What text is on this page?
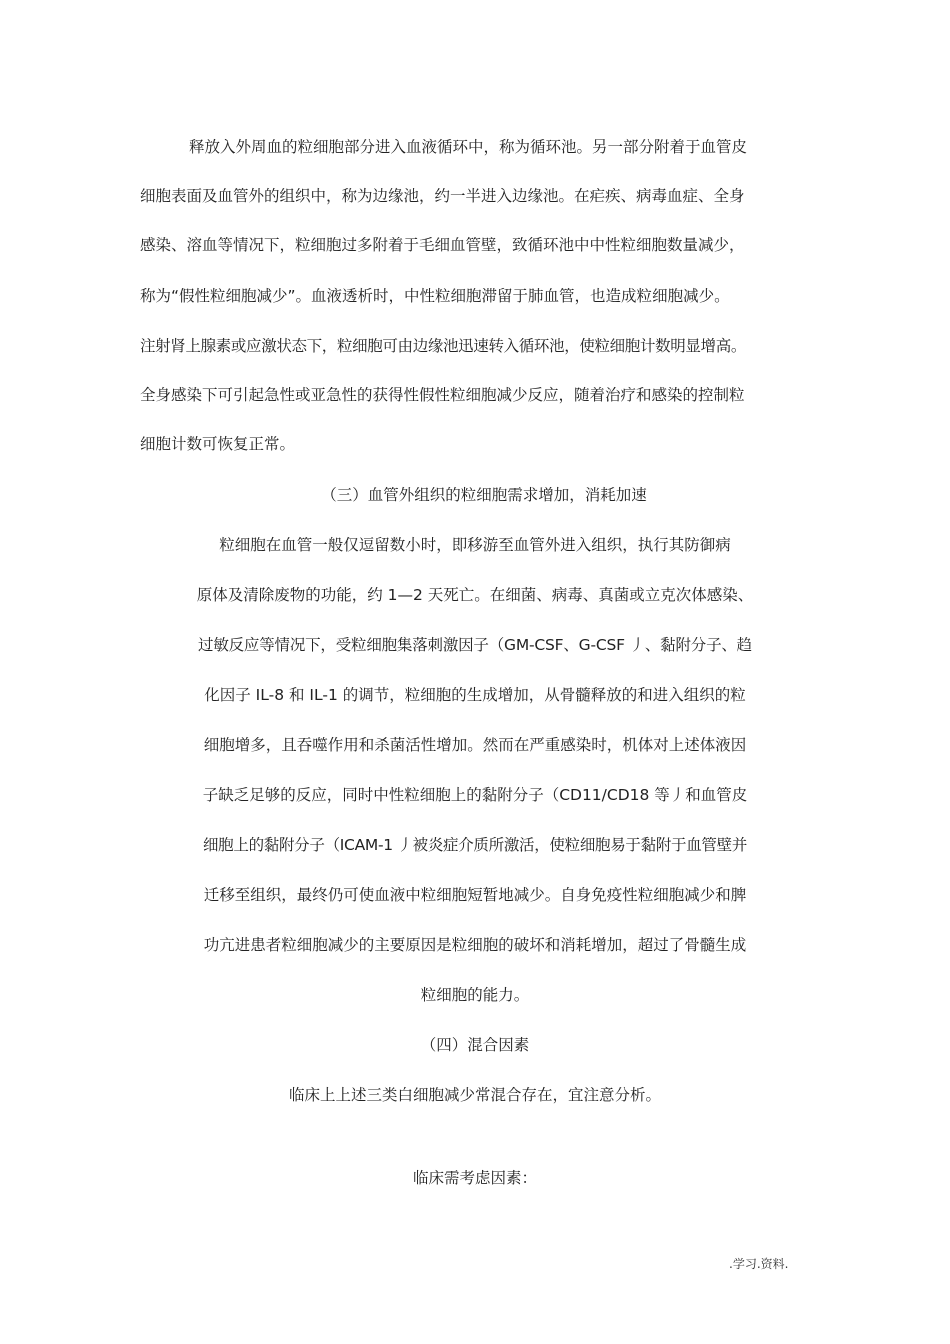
释放入外周血的粒细胞部分进入血液循环中，称为循环池。另一部分附着于血管皮

细胞表面及血管外的组织中，称为边缘池，约一半进入边缘池。在疟疾、病毒血症、全身

感染、溶血等情况下，粒细胞过多附着于毛细血管壁，致循环池中中性粒细胞数量减少，

称为“假性粒细胞减少”。血液透析时，中性粒细胞滞留于肺血管，也造成粒细胞减少。

注射肾上腺素或应激状态下，粒细胞可由边缘池迅速转入循环池，使粒细胞计数明显增高。

全身感染下可引起急性或亚急性的获得性假性粒细胞减少反应，随着治疗和感染的控制粒

细胞计数可恢复正常。

（三）血管外组织的粒细胞需求增加，消耗加速

粒细胞在血管一般仅逗留数小时，即移游至血管外进入组织，执行其防御病

原体及清除废物的功能，约 1—2 天死亡。在细菌、病毒、真菌或立克次体感染、

过敏反应等情况下，受粒细胞集落刺激因子（GM-CSF、G-CSF 丿、黏附分子、趋

化因子 IL-8 和 IL-1 的调节，粒细胞的生成增加，从骨髓释放的和进入组织的粒

细胞增多，且吞噬作用和杀菌活性增加。然而在严重感染时，机体对上述体液因

子缺乏足够的反应，同时中性粒细胞上的黏附分子（CD11/CD18 等丿和血管皮

细胞上的黏附分子（ICAM-1 丿被炎症介质所激活，使粒细胞易于黏附于血管壁并

迁移至组织，最终仍可使血液中粒细胞短暂地减少。自身免疫性粒细胞减少和脾

功亢进患者粒细胞减少的主要原因是粒细胞的破坏和消耗增加，超过了骨髓生成

粒细胞的能力。

（四）混合因素

临床上上述三类白细胞减少常混合存在，宜注意分析。

临床需考虑因素：

.学习.资料.
